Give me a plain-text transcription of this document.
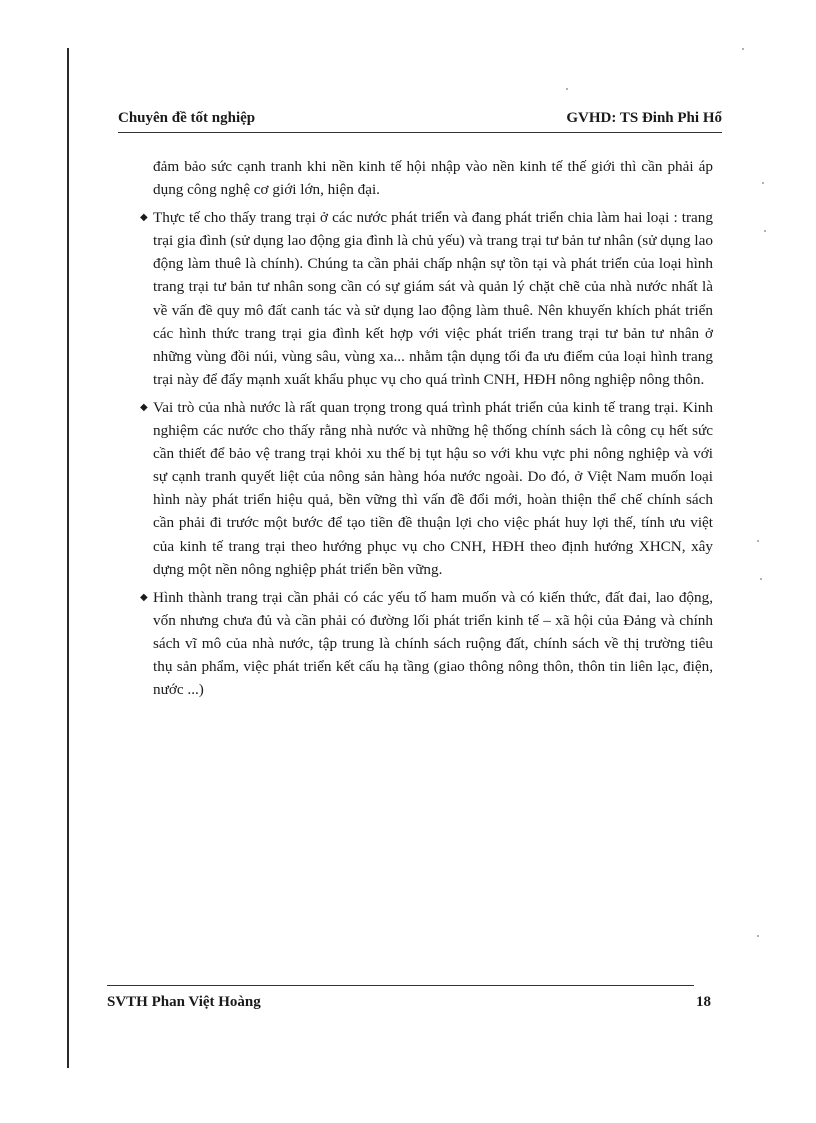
Chuyên đề tốt nghiệp	GVHD: TS Đinh Phi Hổ

đảm bảo sức cạnh tranh khi nền kinh tế hội nhập vào nền kinh tế thế giới thì cần phải áp dụng công nghệ cơ giới lớn, hiện đại.

◆ Thực tế cho thấy trang trại ở các nước phát triển và đang phát triển chia làm hai loại : trang trại gia đình (sử dụng lao động gia đình là chủ yếu) và trang trại tư bản tư nhân (sử dụng lao động làm thuê là chính). Chúng ta cần phải chấp nhận sự tồn tại và phát triển của loại hình trang trại tư bản tư nhân song cần có sự giám sát và quản lý chặt chẽ của nhà nước nhất là về vấn đề quy mô đất canh tác và sử dụng lao động làm thuê. Nên khuyến khích phát triển các hình thức trang trại gia đình kết hợp với việc phát triển trang trại tư bản tư nhân ở những vùng đồi núi, vùng sâu, vùng xa... nhằm tận dụng tối đa ưu điểm của loại hình trang trại này để đẩy mạnh xuất khẩu phục vụ cho quá trình CNH, HĐH nông nghiệp nông thôn.

◆ Vai trò của nhà nước là rất quan trọng trong quá trình phát triển của kinh tế trang trại. Kinh nghiệm các nước cho thấy rằng nhà nước và những hệ thống chính sách là công cụ hết sức cần thiết để bảo vệ trang trại khỏi xu thế bị tụt hậu so với khu vực phi nông nghiệp và với sự cạnh tranh quyết liệt của nông sản hàng hóa nước ngoài. Do đó, ở Việt Nam muốn loại hình này phát triển hiệu quả, bền vững thì vấn đề đổi mới, hoàn thiện thể chế chính sách cần phải đi trước một bước để tạo tiền đề thuận lợi cho việc phát huy lợi thế, tính ưu việt của kinh tế trang trại theo hướng phục vụ cho CNH, HĐH theo định hướng XHCN, xây dựng một nền nông nghiệp phát triển bền vững.

◆ Hình thành trang trại cần phải có các yếu tố ham muốn và có kiến thức, đất đai, lao động, vốn nhưng chưa đủ và cần phải có đường lối phát triển kinh tế – xã hội của Đảng và chính sách vĩ mô của nhà nước, tập trung là chính sách ruộng đất, chính sách về thị trường tiêu thụ sản phẩm, việc phát triển kết cấu hạ tầng (giao thông nông thôn, thôn tin liên lạc, điện, nước ...)

SVTH Phan Việt Hoàng	18
